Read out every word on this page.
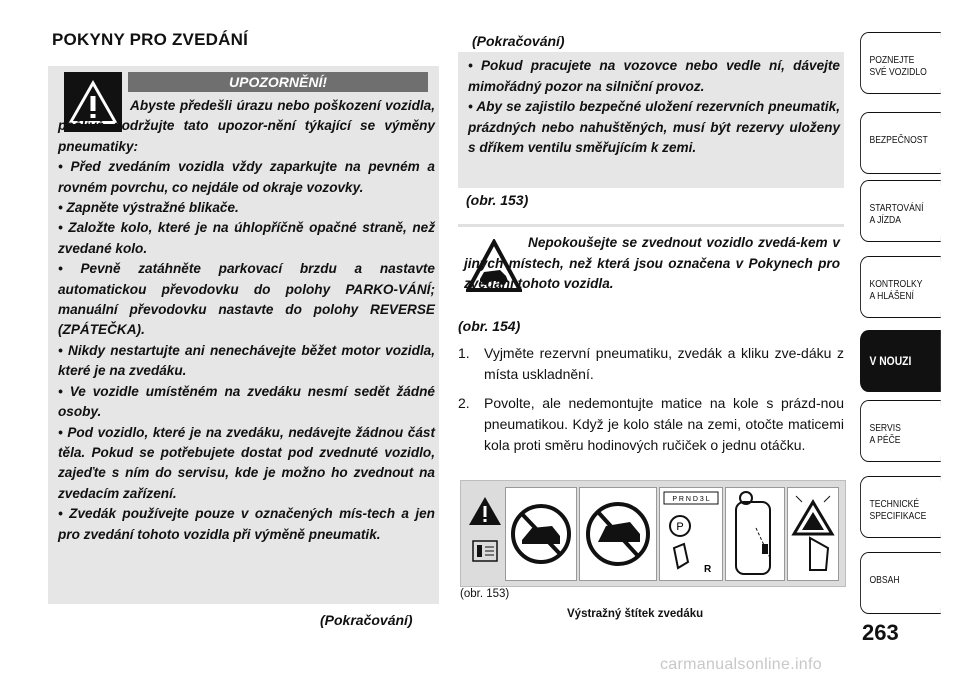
POKYNY PRO ZVEDÁNÍ
UPOZORNĚNÍ!

Abyste předešli úrazu nebo poškození vozidla, pečlivě dodržujte tato upozor-nění týkající se výměny pneumatiky:

• Před zvedáním vozidla vždy zaparkujte na pevném a rovném povrchu, co nejdále od okraje vozovky.

• Zapněte výstražné blikače.

• Založte kolo, které je na úhlopříčně opačné straně, než zvedané kolo.

• Pevně zatáhněte parkovací brzdu a nastavte automatickou převodovku do polohy PARKO-VÁNÍ; manuální převodovku nastavte do polohy REVERSE (ZPÁTEČKA).

• Nikdy nestartujte ani nenechávejte běžet motor vozidla, které je na zvedáku.

• Ve vozidle umístěném na zvedáku nesmí sedět žádné osoby.

• Pod vozidlo, které je na zvedáku, nedávejte žádnou část těla. Pokud se potřebujete dostat pod zvednuté vozidlo, zajeďte s ním do servisu, kde je možno ho zvednout na zvedacím zařízení.

• Zvedák používejte pouze v označených mís-tech a jen pro zvedání tohoto vozidla při výměně pneumatik.

(Pokračování)
(Pokračování)

• Pokud pracujete na vozovce nebo vedle ní, dávejte mimořádný pozor na silniční provoz.

• Aby se zajistilo bezpečné uložení rezervních pneumatik, prázdných nebo nahuštěných, musí být rezervy uloženy s dříkem ventilu směřujícím k zemi.

(obr. 153)

Nepokoušejte se zvednout vozidlo zvedá-kem v jiných místech, než která jsou označena v Pokynech pro zvedání tohoto vozidla.

(obr. 154)
1. Vyjměte rezervní pneumatiku, zvedák a kliku zve-dáku z místa uskladnění.
2. Povolte, ale nedemontujte matice na kole s prázd-nou pneumatikou. Když je kolo stále na zemi, otočte maticemi kola proti směru hodinových ručiček o jednu otáčku.
P R N D 3 L
P
R
(obr. 153)
Výstražný štítek zvedáku
POZNEJTE
SVÉ VOZIDLO
BEZPEČNOST
STARTOVÁNÍ
A JÍZDA
KONTROLKY
A HLÁŠENÍ
V NOUZI
SERVIS
A PÉČE
TECHNICKÉ
SPECIFIKACE
OBSAH
263
carmanualsonline.info
